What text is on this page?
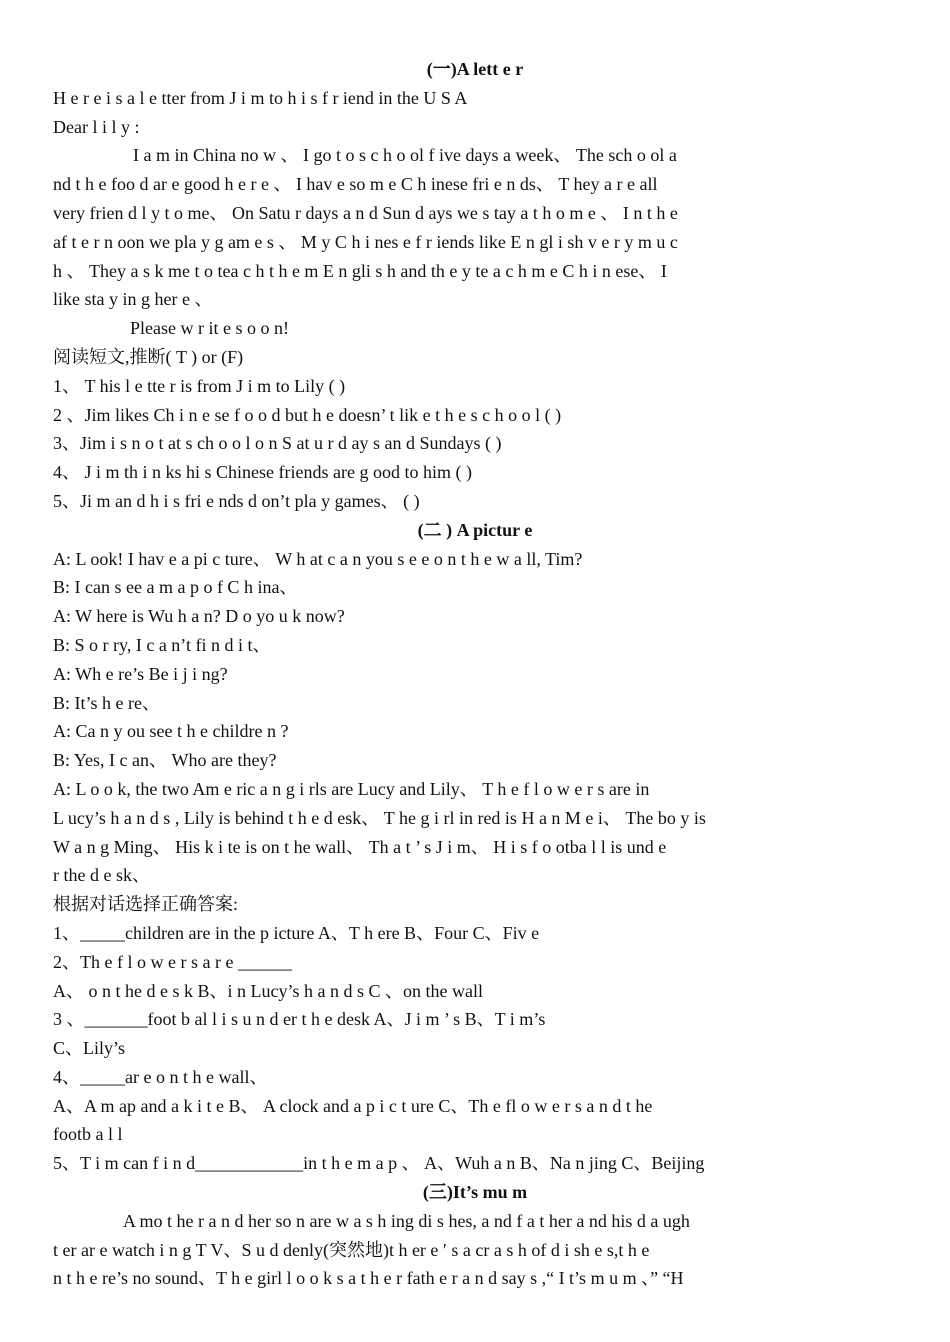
(一)A lett e r
H e r e i s a l e tter from J i m to h i s f r iend in the U S A
Dear l i l y :
I a m in China no w 、 I go t o s c h o ol f ive days a week、 The sch o ol a
nd t h e foo d ar e good h e r e 、 I hav e so m e C h inese fri e n ds、 T hey a r e all
very frien d l y t o me、 On Satu r days a n d Sun d ays we s tay a t h o m e 、 I n t h e
af t e r n oon we pla y g am e s 、 M y C h i nes e f r iends like E n gl i sh v e r y m u c
h 、 They a s k me t o tea c h t h e m E n gli s h and th e y te a c h m e C h i n ese、 I
like sta y in g her e 、
Please w r it e s o o n!
阅读短文,推断( T ) or (F)
1、 T his l e tte r is from J i m to Lily ( )
2 、Jim likes Ch i n e se f o o d but h e doesn’ t lik e t h e s c h o o l ( )
3、Jim i s n o t at s ch o o l o n S at u r d ay s an d Sundays ( )
4、 J i m th i n ks hi s Chinese friends are g ood to him ( )
5、Ji m an d h i s fri e nds d on’t pla y games、 ( )
(二 ) A pictur e
A: L ook! I hav e a pi c ture、 W h at c a n you s e e o n t h e w a ll, Tim?
B: I can s ee a m a p o f C h ina、
A: W here is Wu h a n? D o yo u k now?
B: S o r ry, I c a n’t fi n d i t、
A: Wh e re’s Be i j i ng?
B: It’s h e re、
A: Ca n y ou see t h e childre n ?
B: Yes, I c an、 Who are they?
A: L o o k, the two Am e ric a n g i rls are Lucy and Lily、 T h e f l o w e r s are in
L ucy’s h a n d s , Lily is behind t h e d esk、 T he g i rl in red is H a n M e i、 The bo y is
W a n g Ming、 His k i te is on t he wall、 Th a t ’ s J i m、 H i s f o otba l l is und e
r the d e sk、
根据对话选择正确答案:
1、_____children are in the p icture A、T h ere B、Four C、Fiv e
2、Th e f l o w e r s a r e ______
A、 o n t he d e s k B、i n Lucy’s h a n d s C 、on the wall
3 、_______foot b al l i s u n d er t h e desk A、J i m ’ s B、T i m’s
C、Lily’s
4、_____ar e o n t h e wall、
A、A m ap and a k i t e B、 A clock and a p i c t ure C、Th e fl o w e r s a n d t he
footb a l l
5、T i m can f i n d____________in t h e m a p 、 A、Wuh a n B、Na n jing C、Beijing
(三)It’s mu m
A mo t he r a n d her so n are w a s h ing di s hes, a nd f a t her a nd his d a ugh
t er ar e watch i n g T V、S u d denly(突然地)t h er e ′ s a cr a s h of d i sh e s,t h e
n t h e re’s no sound、T h e girl l o o k s a t h e r fath e r a n d say s ,“ I t’s m u m 、” “H
